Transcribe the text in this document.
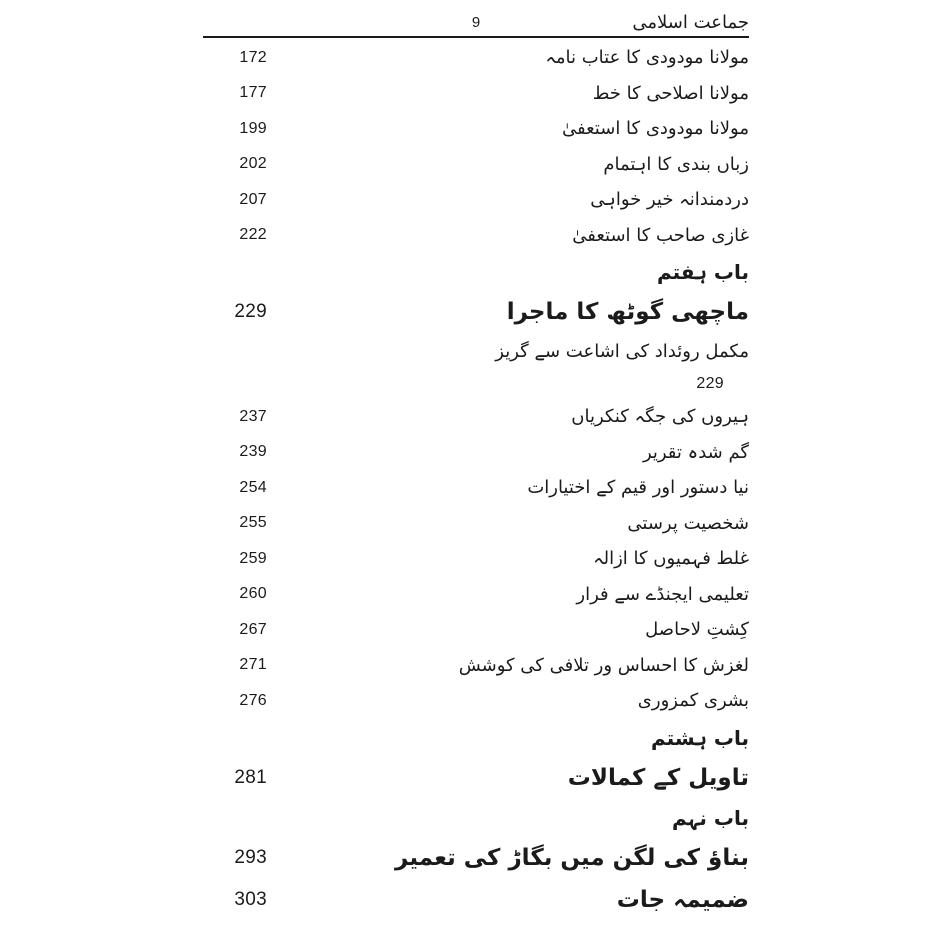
9	جماعت اسلامی
172	مولانا مودودی کا عتاب نامہ
177	مولانا اصلاحی کا خط
199	مولانا مودودی کا استعفیٰ
202	زباں بندی کا اہتمام
207	دردمندانہ خیر خواہی
222	غازی صاحب کا استعفیٰ
باب ہفتم
229	ماچھی گوٹھ کا ماجرا
مکمل روئداد کی اشاعت سے گریز
229
237	ہیروں کی جگہ کنکریاں
239	گم شدہ تقریر
254	نیا دستور اور قیم کے اختیارات
255	شخصیت پرستی
259	غلط فہمیوں کا ازالہ
260	تعلیمی ایجنڈے سے فرار
267	کِشتِ لاحاصل
271	لغزش کا احساس ور تلافی کی کوشش
276	بشری کمزوری
باب ہشتم
281	تاویل کے کمالات
باب نہم
293	بناؤ کی لگن میں بگاڑ کی تعمیر
303	ضمیمہ جات
